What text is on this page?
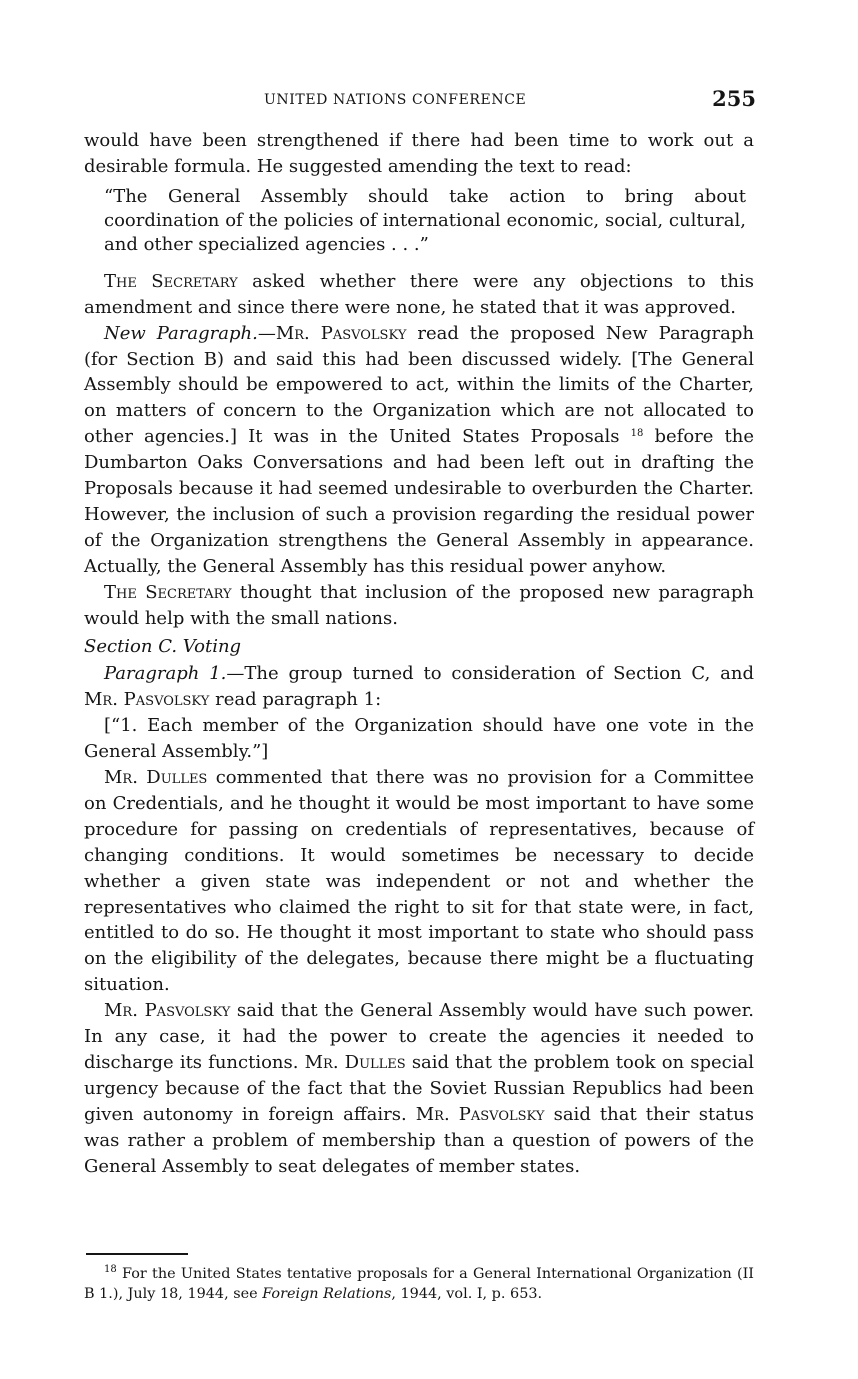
UNITED NATIONS CONFERENCE	255

would have been strengthened if there had been time to work out a desirable formula. He suggested amending the text to read:

“The General Assembly should take action to bring about coordination of the policies of international economic, social, cultural, and other specialized agencies . . .”

The Secretary asked whether there were any objections to this amendment and since there were none, he stated that it was approved.

New Paragraph.—Mr. Pasvolsky read the proposed New Paragraph (for Section B) and said this had been discussed widely. [The General Assembly should be empowered to act, within the limits of the Charter, on matters of concern to the Organization which are not allocated to other agencies.] It was in the United States Proposals $^{18}$ before the Dumbarton Oaks Conversations and had been left out in drafting the Proposals because it had seemed undesirable to overburden the Charter. However, the inclusion of such a provision regarding the residual power of the Organization strengthens the General Assembly in appearance. Actually, the General Assembly has this residual power anyhow.

The Secretary thought that inclusion of the proposed new paragraph would help with the small nations.

Section C. Voting

Paragraph 1.—The group turned to consideration of Section C, and Mr. Pasvolsky read paragraph 1:

[“1. Each member of the Organization should have one vote in the General Assembly.”]

Mr. Dulles commented that there was no provision for a Committee on Credentials, and he thought it would be most important to have some procedure for passing on credentials of representatives, because of changing conditions. It would sometimes be necessary to decide whether a given state was independent or not and whether the representatives who claimed the right to sit for that state were, in fact, entitled to do so. He thought it most important to state who should pass on the eligibility of the delegates, because there might be a fluctuating situation.

Mr. Pasvolsky said that the General Assembly would have such power. In any case, it had the power to create the agencies it needed to discharge its functions. Mr. Dulles said that the problem took on special urgency because of the fact that the Soviet Russian Republics had been given autonomy in foreign affairs. Mr. Pasvolsky said that their status was rather a problem of membership than a question of powers of the General Assembly to seat delegates of member states.

$^{18}$ For the United States tentative proposals for a General International Organization (II B 1.), July 18, 1944, see Foreign Relations, 1944, vol. I, p. 653.
